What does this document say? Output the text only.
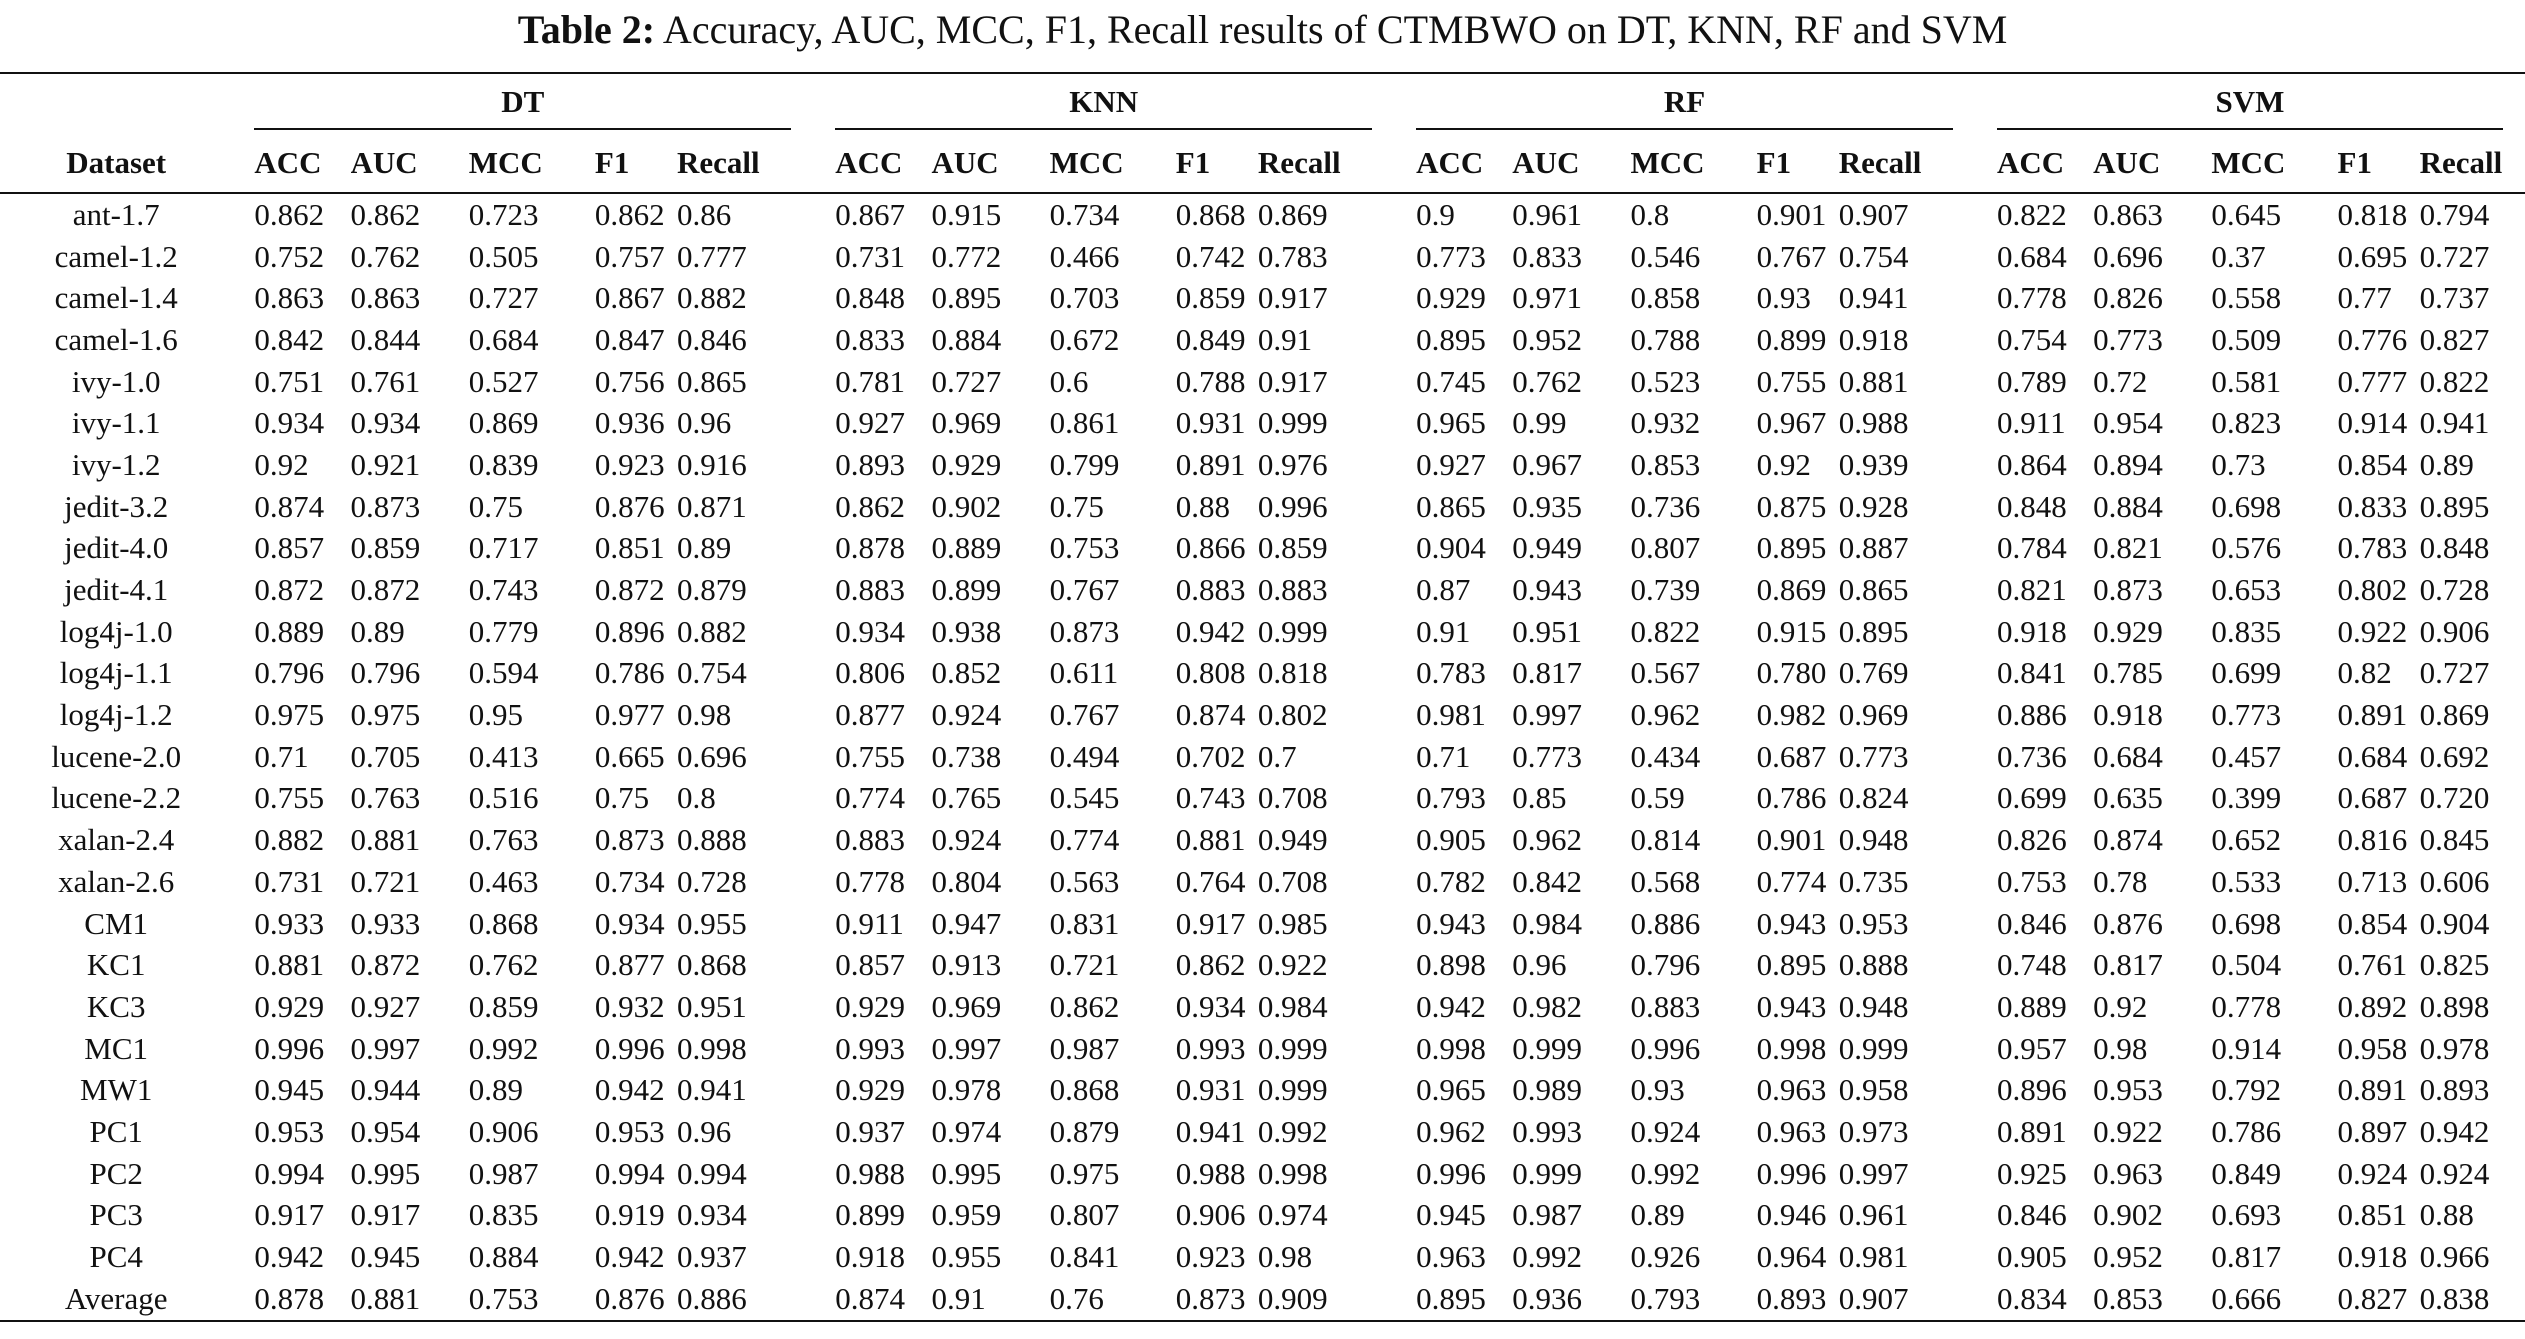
Table 2: Accuracy, AUC, MCC, F1, Recall results of CTMBWO on DT, KNN, RF and SVM

	DT					KNN					RF					SVM				

Dataset	ACC	AUC	MCC	F1	Recall	ACC	AUC	MCC	F1	Recall	ACC	AUC	MCC	F1	Recall	ACC	AUC	MCC	F1	Recall
ant-1.7	0.862	0.862	0.723	0.862	0.86	0.867	0.915	0.734	0.868	0.869	0.9	0.961	0.8	0.901	0.907	0.822	0.863	0.645	0.818	0.794
camel-1.2	0.752	0.762	0.505	0.757	0.777	0.731	0.772	0.466	0.742	0.783	0.773	0.833	0.546	0.767	0.754	0.684	0.696	0.37	0.695	0.727
camel-1.4	0.863	0.863	0.727	0.867	0.882	0.848	0.895	0.703	0.859	0.917	0.929	0.971	0.858	0.93	0.941	0.778	0.826	0.558	0.77	0.737
camel-1.6	0.842	0.844	0.684	0.847	0.846	0.833	0.884	0.672	0.849	0.91	0.895	0.952	0.788	0.899	0.918	0.754	0.773	0.509	0.776	0.827
ivy-1.0	0.751	0.761	0.527	0.756	0.865	0.781	0.727	0.6	0.788	0.917	0.745	0.762	0.523	0.755	0.881	0.789	0.72	0.581	0.777	0.822
ivy-1.1	0.934	0.934	0.869	0.936	0.96	0.927	0.969	0.861	0.931	0.999	0.965	0.99	0.932	0.967	0.988	0.911	0.954	0.823	0.914	0.941
ivy-1.2	0.92	0.921	0.839	0.923	0.916	0.893	0.929	0.799	0.891	0.976	0.927	0.967	0.853	0.92	0.939	0.864	0.894	0.73	0.854	0.89
jedit-3.2	0.874	0.873	0.75	0.876	0.871	0.862	0.902	0.75	0.88	0.996	0.865	0.935	0.736	0.875	0.928	0.848	0.884	0.698	0.833	0.895
jedit-4.0	0.857	0.859	0.717	0.851	0.89	0.878	0.889	0.753	0.866	0.859	0.904	0.949	0.807	0.895	0.887	0.784	0.821	0.576	0.783	0.848
jedit-4.1	0.872	0.872	0.743	0.872	0.879	0.883	0.899	0.767	0.883	0.883	0.87	0.943	0.739	0.869	0.865	0.821	0.873	0.653	0.802	0.728
log4j-1.0	0.889	0.89	0.779	0.896	0.882	0.934	0.938	0.873	0.942	0.999	0.91	0.951	0.822	0.915	0.895	0.918	0.929	0.835	0.922	0.906
log4j-1.1	0.796	0.796	0.594	0.786	0.754	0.806	0.852	0.611	0.808	0.818	0.783	0.817	0.567	0.780	0.769	0.841	0.785	0.699	0.82	0.727
log4j-1.2	0.975	0.975	0.95	0.977	0.98	0.877	0.924	0.767	0.874	0.802	0.981	0.997	0.962	0.982	0.969	0.886	0.918	0.773	0.891	0.869
lucene-2.0	0.71	0.705	0.413	0.665	0.696	0.755	0.738	0.494	0.702	0.7	0.71	0.773	0.434	0.687	0.773	0.736	0.684	0.457	0.684	0.692
lucene-2.2	0.755	0.763	0.516	0.75	0.8	0.774	0.765	0.545	0.743	0.708	0.793	0.85	0.59	0.786	0.824	0.699	0.635	0.399	0.687	0.720
xalan-2.4	0.882	0.881	0.763	0.873	0.888	0.883	0.924	0.774	0.881	0.949	0.905	0.962	0.814	0.901	0.948	0.826	0.874	0.652	0.816	0.845
xalan-2.6	0.731	0.721	0.463	0.734	0.728	0.778	0.804	0.563	0.764	0.708	0.782	0.842	0.568	0.774	0.735	0.753	0.78	0.533	0.713	0.606
CM1	0.933	0.933	0.868	0.934	0.955	0.911	0.947	0.831	0.917	0.985	0.943	0.984	0.886	0.943	0.953	0.846	0.876	0.698	0.854	0.904
KC1	0.881	0.872	0.762	0.877	0.868	0.857	0.913	0.721	0.862	0.922	0.898	0.96	0.796	0.895	0.888	0.748	0.817	0.504	0.761	0.825
KC3	0.929	0.927	0.859	0.932	0.951	0.929	0.969	0.862	0.934	0.984	0.942	0.982	0.883	0.943	0.948	0.889	0.92	0.778	0.892	0.898
MC1	0.996	0.997	0.992	0.996	0.998	0.993	0.997	0.987	0.993	0.999	0.998	0.999	0.996	0.998	0.999	0.957	0.98	0.914	0.958	0.978
MW1	0.945	0.944	0.89	0.942	0.941	0.929	0.978	0.868	0.931	0.999	0.965	0.989	0.93	0.963	0.958	0.896	0.953	0.792	0.891	0.893
PC1	0.953	0.954	0.906	0.953	0.96	0.937	0.974	0.879	0.941	0.992	0.962	0.993	0.924	0.963	0.973	0.891	0.922	0.786	0.897	0.942
PC2	0.994	0.995	0.987	0.994	0.994	0.988	0.995	0.975	0.988	0.998	0.996	0.999	0.992	0.996	0.997	0.925	0.963	0.849	0.924	0.924
PC3	0.917	0.917	0.835	0.919	0.934	0.899	0.959	0.807	0.906	0.974	0.945	0.987	0.89	0.946	0.961	0.846	0.902	0.693	0.851	0.88
PC4	0.942	0.945	0.884	0.942	0.937	0.918	0.955	0.841	0.923	0.98	0.963	0.992	0.926	0.964	0.981	0.905	0.952	0.817	0.918	0.966
Average	0.878	0.881	0.753	0.876	0.886	0.874	0.91	0.76	0.873	0.909	0.895	0.936	0.793	0.893	0.907	0.834	0.853	0.666	0.827	0.838
